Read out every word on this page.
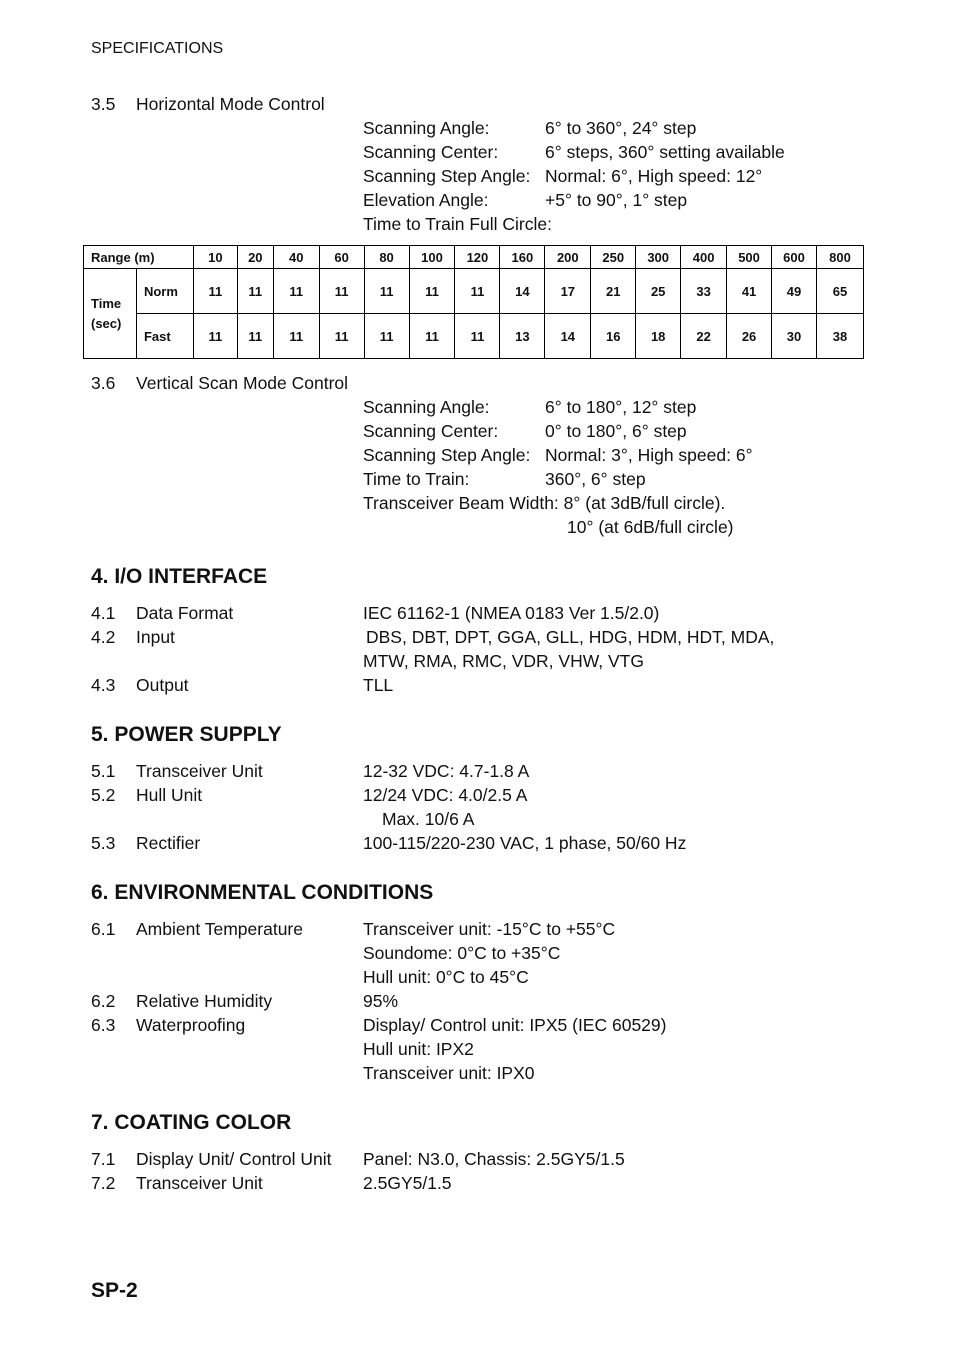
SPECIFICATIONS
3.5 Horizontal Mode Control
Scanning Angle:	6° to 360°, 24° step
Scanning Center:	6° steps, 360° setting available
Scanning Step Angle: Normal: 6°, High speed: 12°
Elevation Angle:	+5° to 90°, 1° step
Time to Train Full Circle:
Range (m)		10	20	40	60	80	100	120	160	200	250	300	400	500	600	800
Time
(sec)	Norm	11	11	11	11	11	11	11	14	17	21	25	33	41	49	65
	Fast	11	11	11	11	11	11	11	13	14	16	18	22	26	30	38
3.6 Vertical Scan Mode Control
Scanning Angle:	6° to 180°, 12° step
Scanning Center:	0° to 180°, 6° step
Scanning Step Angle: Normal: 3°, High speed: 6°
Time to Train:	360°, 6° step
Transceiver Beam Width: 8° (at 3dB/full circle).
10° (at 6dB/full circle)
4. I/O INTERFACE
4.1 Data Format	IEC 61162-1 (NMEA 0183 Ver 1.5/2.0)
4.2 Input	DBS, DBT, DPT, GGA, GLL, HDG, HDM, HDT, MDA,
MTW, RMA, RMC, VDR, VHW, VTG
4.3 Output	TLL
5. POWER SUPPLY
5.1 Transceiver Unit	12-32 VDC: 4.7-1.8 A
5.2 Hull Unit	12/24 VDC: 4.0/2.5 A
Max. 10/6 A
5.3 Rectifier	100-115/220-230 VAC, 1 phase, 50/60 Hz
6. ENVIRONMENTAL CONDITIONS
6.1 Ambient Temperature	Transceiver unit: -15°C to +55°C
Soundome: 0°C to +35°C
Hull unit: 0°C to 45°C
6.2 Relative Humidity	95%
6.3 Waterproofing	Display/ Control unit: IPX5 (IEC 60529)
Hull unit: IPX2
Transceiver unit: IPX0
7. COATING COLOR
7.1 Display Unit/ Control Unit Panel: N3.0, Chassis: 2.5GY5/1.5
7.2 Transceiver Unit	2.5GY5/1.5
SP-2
